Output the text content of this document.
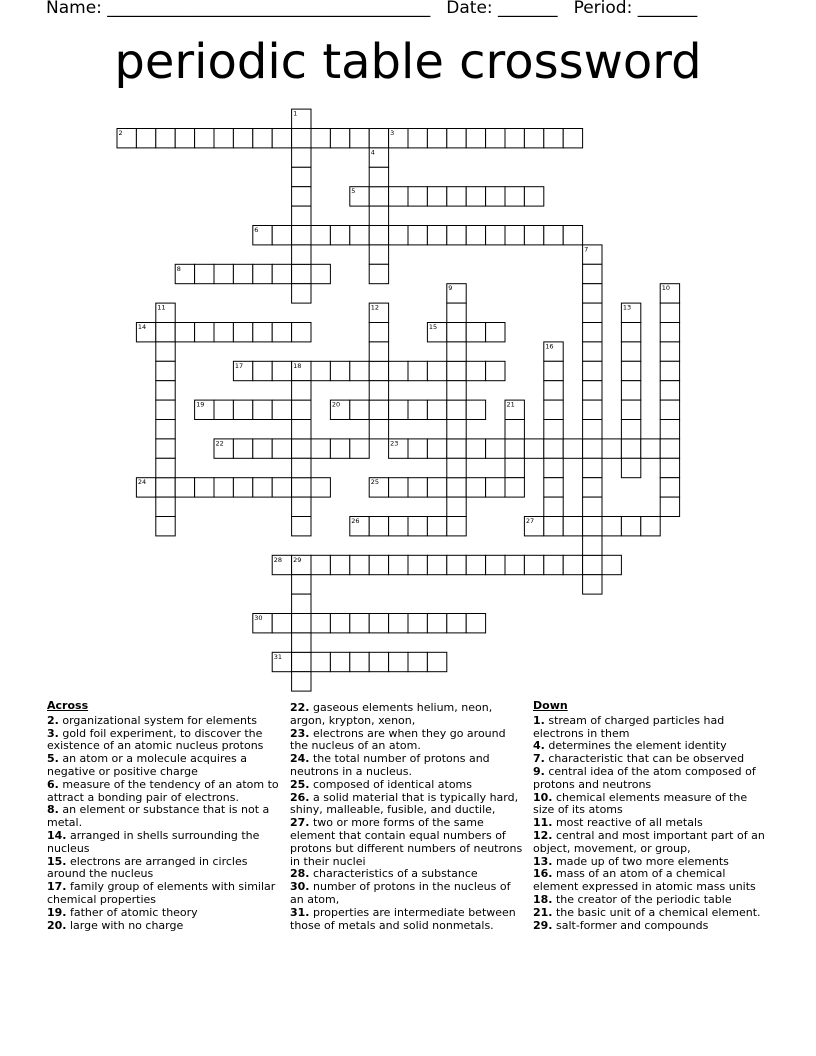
Name: ______________________________________ Date: _______ Period: _______
periodic table crossword
2	3
5
6
8
14	15
17
19	20
22	23
24	25
26	27
28
30
31
1
4
7
9	10
11	12	13
16
18
21
29
Across
2. organizational system for elements
3. gold foil experiment, to discover the existence of an atomic nucleus protons
5. an atom or a molecule acquires a negative or positive charge
6. measure of the tendency of an atom to attract a bonding pair of electrons.
8. an element or substance that is not a metal.
14. arranged in shells surrounding the nucleus
15. electrons are arranged in circles around the nucleus
17. family group of elements with similar chemical properties
19. father of atomic theory
20. large with no charge
22. gaseous elements helium, neon, argon, krypton, xenon,
23. electrons are when they go around the nucleus of an atom.
24. the total number of protons and neutrons in a nucleus.
25. composed of identical atoms
26. a solid material that is typically hard, shiny, malleable, fusible, and ductile,
27. two or more forms of the same element that contain equal numbers of protons but different numbers of neutrons in their nuclei
28. characteristics of a substance
30. number of protons in the nucleus of an atom,
31. properties are intermediate between those of metals and solid nonmetals.
Down
1. stream of charged particles had electrons in them
4. determines the element identity
7. characteristic that can be observed
9. central idea of the atom composed of protons and neutrons
10. chemical elements measure of the size of its atoms
11. most reactive of all metals
12. central and most important part of an object, movement, or group,
13. made up of two more elements
16. mass of an atom of a chemical element expressed in atomic mass units
18. the creator of the periodic table
21. the basic unit of a chemical element.
29. salt-former and compounds
